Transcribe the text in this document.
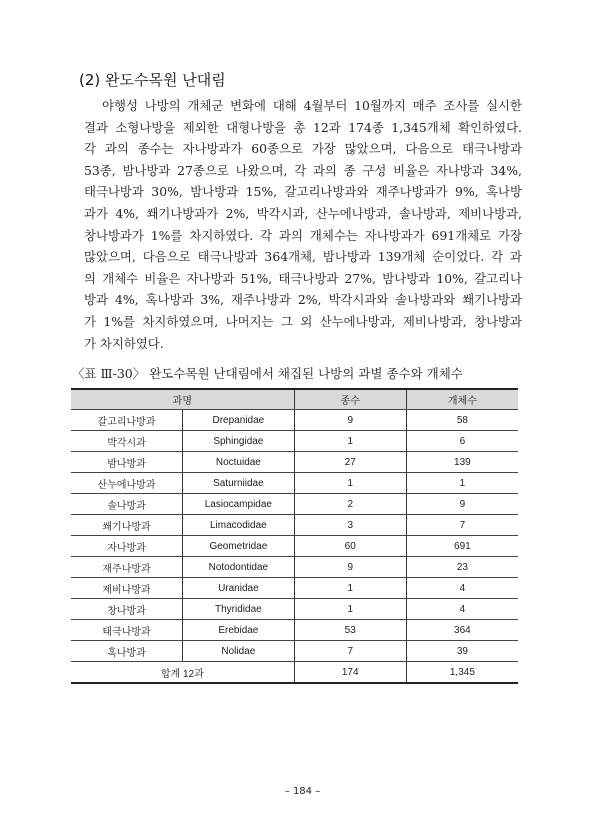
(2) 완도수목원 난대림

야행성 나방의 개체군 변화에 대해 4월부터 10월까지 매주 조사를 실시한
결과 소형나방을 제외한 대형나방을 총 12과 174종 1,345개체 확인하였다.
각 과의 종수는 자나방과가 60종으로 가장 많았으며, 다음으로 태극나방과
53종, 밤나방과 27종으로 나왔으며, 각 과의 종 구성 비율은 자나방과 34%,
태극나방과 30%, 밤나방과 15%, 갈고리나방과와 재주나방과가 9%, 혹나방
과가 4%, 쐐기나방과가 2%, 박각시과, 산누에나방과, 솔나방과, 제비나방과,
창나방과가 1%를 차지하였다. 각 과의 개체수는 자나방과가 691개체로 가장
많았으며, 다음으로 태극나방과 364개체, 밤나방과 139개체 순이었다. 각 과
의 개체수 비율은 자나방과 51%, 태극나방과 27%, 밤나방과 10%, 갈고리나
방과 4%, 혹나방과 3%, 재주나방과 2%, 박각시과와 솔나방과와 쐐기나방과
가 1%를 차지하였으며, 나머지는 그 외 산누에나방과, 제비나방과, 창나방과
가 차지하였다.

〈표 Ⅲ-30〉 완도수목원 난대림에서 채집된 나방의 과별 종수와 개체수
과명		종수	개체수
갈고리나방과	Drepanidae	9	58
박각시과	Sphingidae	1	6
밤나방과	Noctuidae	27	139
산누에나방과	Saturniidae	1	1
솔나방과	Lasiocampidae	2	9
쐐기나방과	Limacodidae	3	7
자나방과	Geometridae	60	691
재주나방과	Notodontidae	9	23
제비나방과	Uranidae	1	4
창나방과	Thyrididae	1	4
태극나방과	Erebidae	53	364
혹나방과	Nolidae	7	39
합계 12과		174	1,345
– 184 –
